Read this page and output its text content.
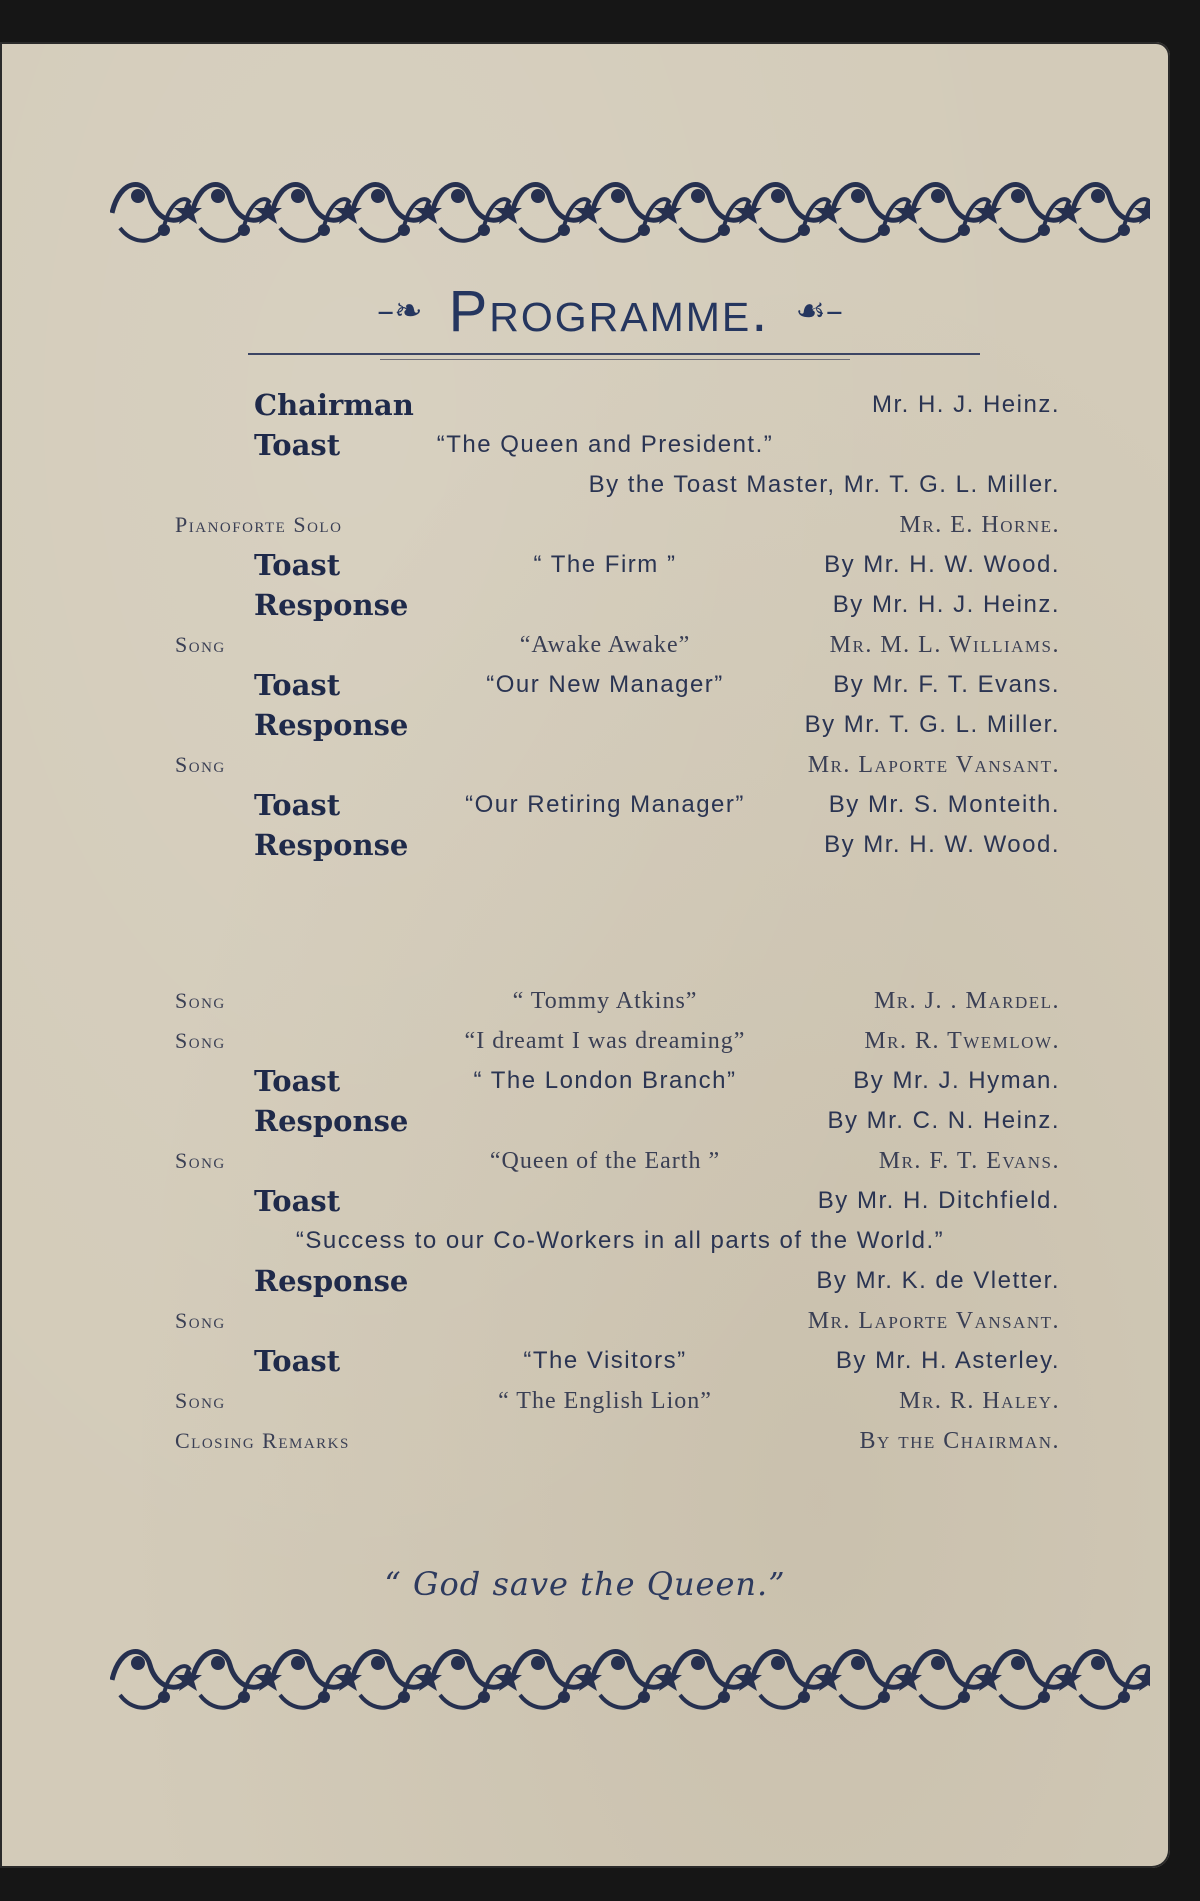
–❧ Programme. ☙–
Chairman	Mr. H. J. Heinz.
Toast	“The Queen and President.”
By the Toast Master, Mr. T. G. L. Miller.
Pianoforte Solo	Mr. E. Horne.
Toast	“ The Firm ”	By Mr. H. W. Wood.
Response	By Mr. H. J. Heinz.
Song	“Awake Awake”	Mr. M. L. Williams.
Toast	“Our New Manager”	By Mr. F. T. Evans.
Response	By Mr. T. G. L. Miller.
Song	Mr. Laporte Vansant.
Toast	“Our Retiring Manager”	By Mr. S. Monteith.
Response	By Mr. H. W. Wood.
Song	“ Tommy Atkins”	Mr. J. . Mardel.
Song	“I dreamt I was dreaming”	Mr. R. Twemlow.
Toast	“ The London Branch”	By Mr. J. Hyman.
Response	By Mr. C. N. Heinz.
Song	“Queen of the Earth ”	Mr. F. T. Evans.
Toast	By Mr. H. Ditchfield.
“Success to our Co-Workers in all parts of the World.”
Response	By Mr. K. de Vletter.
Song	Mr. Laporte Vansant.
Toast	“The Visitors”	By Mr. H. Asterley.
Song	“ The English Lion”	Mr. R. Haley.
Closing Remarks	By the Chairman.
“ God save the Queen.”
